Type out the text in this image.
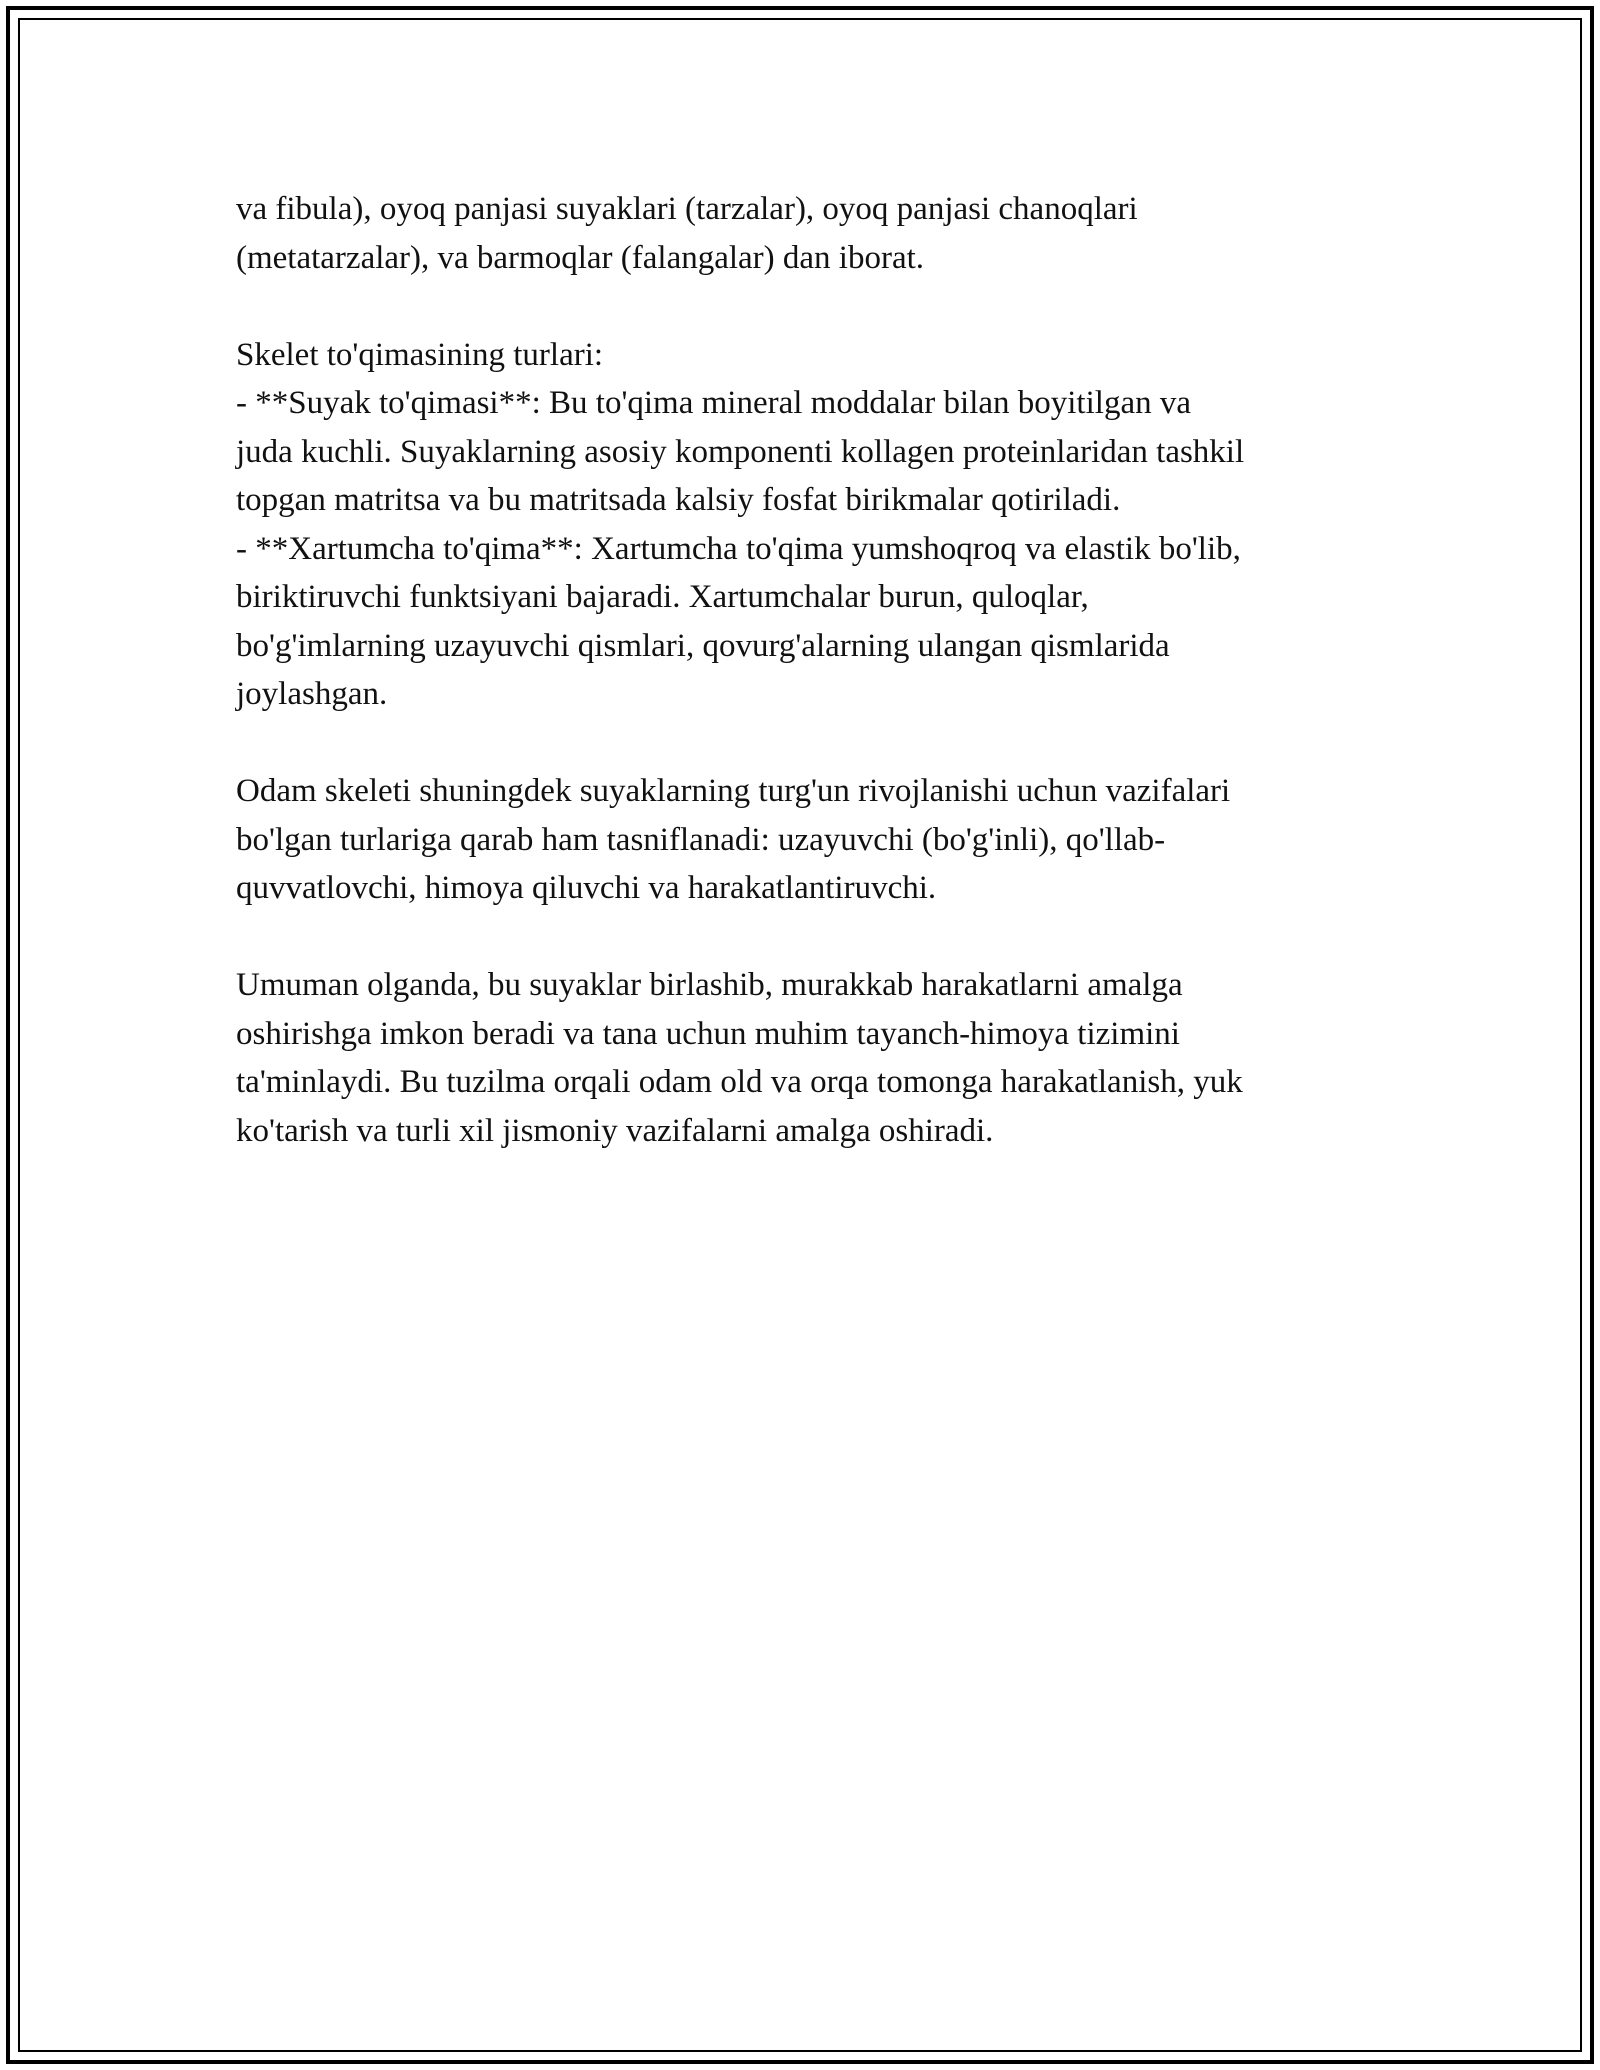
va fibula), oyoq panjasi suyaklari (tarzalar), oyoq panjasi chanoqlari
(metatarzalar), va barmoqlar (falangalar) dan iborat.
Skelet to'qimasining turlari:
- **Suyak to'qimasi**: Bu to'qima mineral moddalar bilan boyitilgan va
juda kuchli. Suyaklarning asosiy komponenti kollagen proteinlaridan tashkil
topgan matritsa va bu matritsada kalsiy fosfat birikmalar qotiriladi.
- **Xartumcha to'qima**: Xartumcha to'qima yumshoqroq va elastik bo'lib,
biriktiruvchi funktsiyani bajaradi. Xartumchalar burun, quloqlar,
bo'g'imlarning uzayuvchi qismlari, qovurg'alarning ulangan qismlarida
joylashgan.
Odam skeleti shuningdek suyaklarning turg'un rivojlanishi uchun vazifalari
bo'lgan turlariga qarab ham tasniflanadi: uzayuvchi (bo'g'inli), qo'llab-
quvvatlovchi, himoya qiluvchi va harakatlantiruvchi.
Umuman olganda, bu suyaklar birlashib, murakkab harakatlarni amalga
oshirishga imkon beradi va tana uchun muhim tayanch-himoya tizimini
ta'minlaydi. Bu tuzilma orqali odam old va orqa tomonga harakatlanish, yuk
ko'tarish va turli xil jismoniy vazifalarni amalga oshiradi.
